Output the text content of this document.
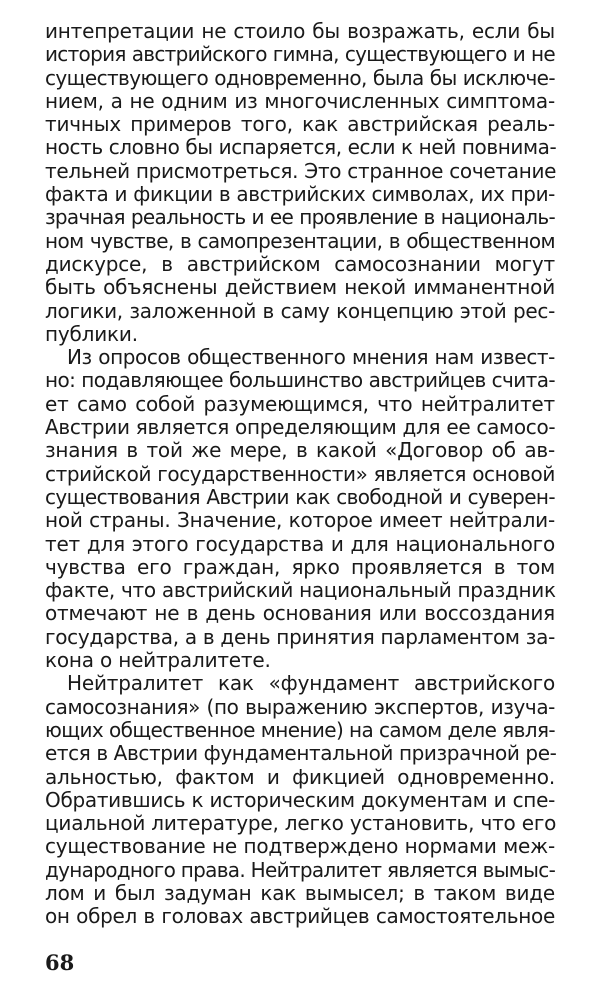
интепретации не стоило бы возражать, если бы
история австрийского гимна, существующего и не
существующего одновременно, была бы исключе-
нием, а не одним из многочисленных симптома-
тичных примеров того, как австрийская реаль-
ность словно бы испаряется, если к ней повнима-
тельней присмотреться. Это странное сочетание
факта и фикции в австрийских символах, их при-
зрачная реальность и ее проявление в националь-
ном чувстве, в самопрезентации, в общественном
дискурсе, в австрийском самосознании могут
быть объяснены действием некой имманентной
логики, заложенной в саму концепцию этой рес-
публики.
Из опросов общественного мнения нам извест-
но: подавляющее большинство австрийцев счита-
ет само собой разумеющимся, что нейтралитет
Австрии является определяющим для ее самосо-
знания в той же мере, в какой «Договор об ав-
стрийской государственности» является основой
существования Австрии как свободной и суверен-
ной страны. Значение, которое имеет нейтрали-
тет для этого государства и для национального
чувства его граждан, ярко проявляется в том
факте, что австрийский национальный праздник
отмечают не в день основания или воссоздания
государства, а в день принятия парламентом за-
кона о нейтралитете.
Нейтралитет как «фундамент австрийского
самосознания» (по выражению экспертов, изуча-
ющих общественное мнение) на самом деле явля-
ется в Австрии фундаментальной призрачной ре-
альностью, фактом и фикцией одновременно.
Обратившись к историческим документам и спе-
циальной литературе, легко установить, что его
существование не подтверждено нормами меж-
дународного права. Нейтралитет является вымыс-
лом и был задуман как вымысел; в таком виде
он обрел в головах австрийцев самостоятельное
68
